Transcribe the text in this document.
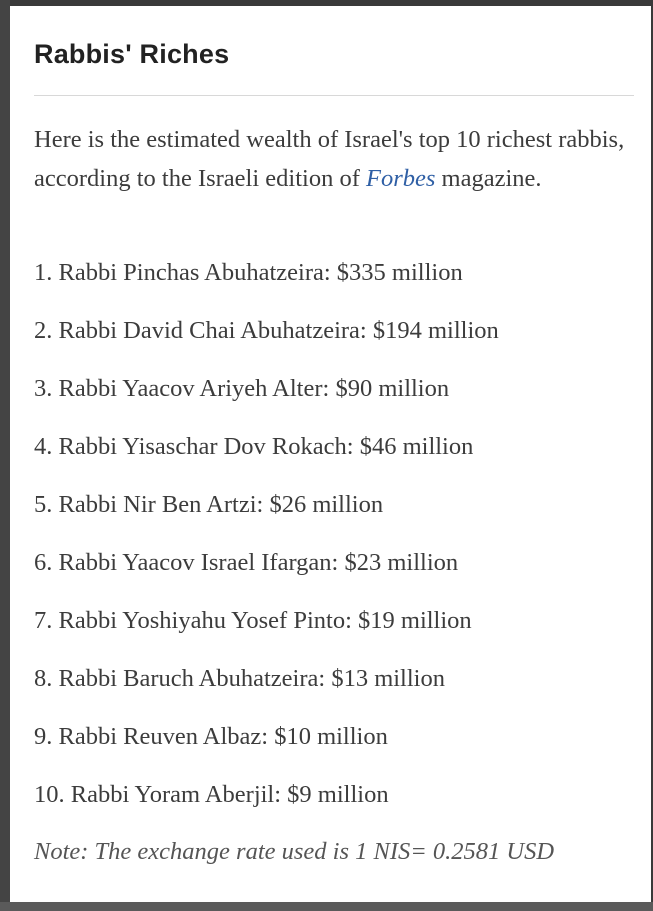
Rabbis' Riches

Here is the estimated wealth of Israel's top 10 richest rabbis, according to the Israeli edition of Forbes magazine.

1. Rabbi Pinchas Abuhatzeira: $335 million
2. Rabbi David Chai Abuhatzeira: $194 million
3. Rabbi Yaacov Ariyeh Alter: $90 million
4. Rabbi Yisaschar Dov Rokach: $46 million
5. Rabbi Nir Ben Artzi: $26 million
6. Rabbi Yaacov Israel Ifargan: $23 million
7. Rabbi Yoshiyahu Yosef Pinto: $19 million
8. Rabbi Baruch Abuhatzeira: $13 million
9. Rabbi Reuven Albaz: $10 million
10. Rabbi Yoram Aberjil: $9 million

Note: The exchange rate used is 1 NIS= 0.2581 USD
